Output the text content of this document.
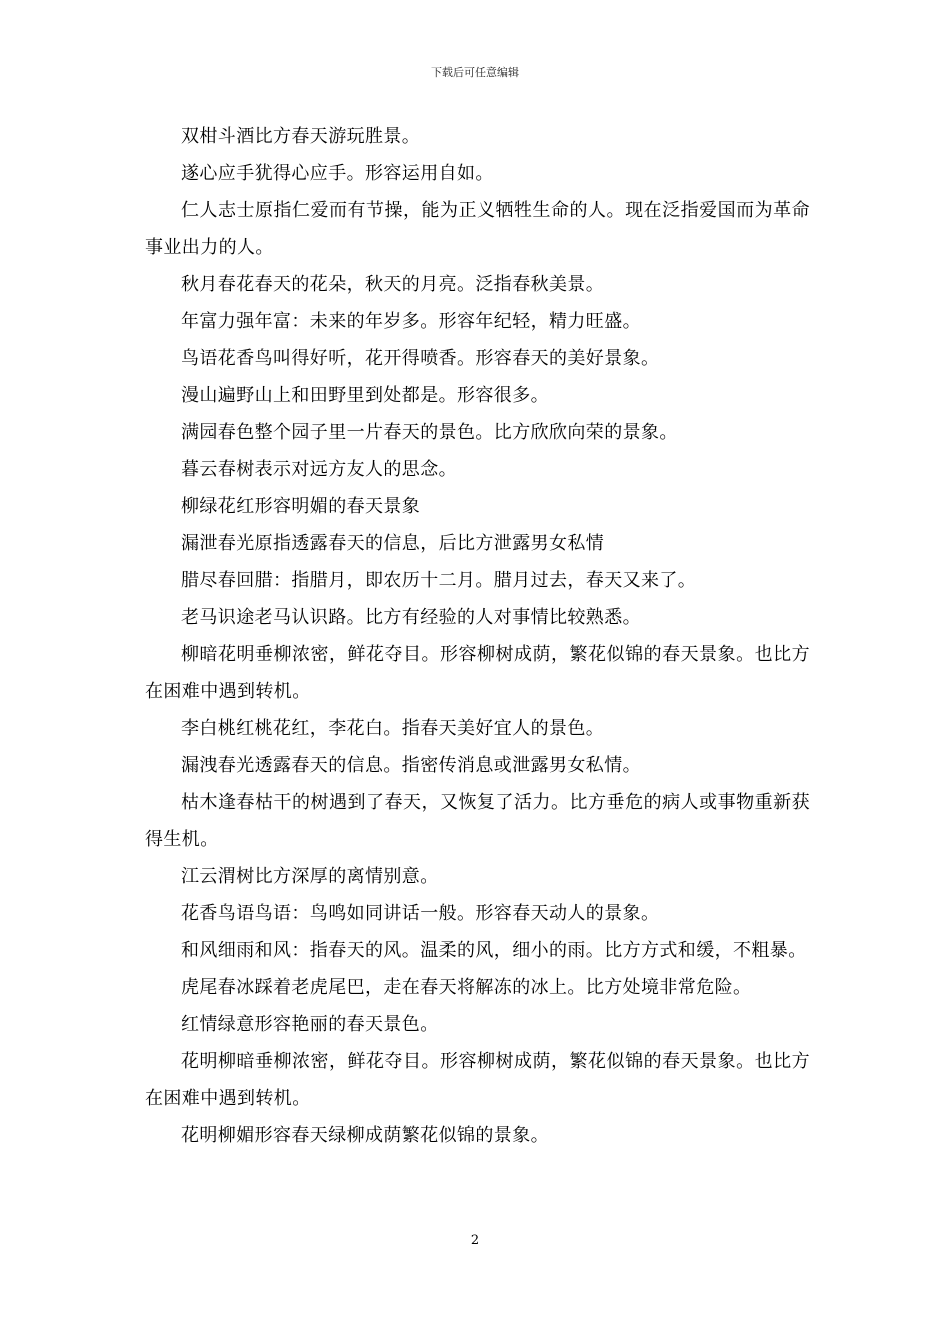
下载后可任意编辑

双柑斗酒比方春天游玩胜景。

遂心应手犹得心应手。形容运用自如。

仁人志士原指仁爱而有节操，能为正义牺牲生命的人。现在泛指爱国而为革命事业出力的人。

秋月春花春天的花朵，秋天的月亮。泛指春秋美景。

年富力强年富：未来的年岁多。形容年纪轻，精力旺盛。

鸟语花香鸟叫得好听，花开得喷香。形容春天的美好景象。

漫山遍野山上和田野里到处都是。形容很多。

满园春色整个园子里一片春天的景色。比方欣欣向荣的景象。

暮云春树表示对远方友人的思念。

柳绿花红形容明媚的春天景象

漏泄春光原指透露春天的信息，后比方泄露男女私情

腊尽春回腊：指腊月，即农历十二月。腊月过去，春天又来了。

老马识途老马认识路。比方有经验的人对事情比较熟悉。

柳暗花明垂柳浓密，鲜花夺目。形容柳树成荫，繁花似锦的春天景象。也比方在困难中遇到转机。

李白桃红桃花红，李花白。指春天美好宜人的景色。

漏洩春光透露春天的信息。指密传消息或泄露男女私情。

枯木逢春枯干的树遇到了春天，又恢复了活力。比方垂危的病人或事物重新获得生机。

江云渭树比方深厚的离情别意。

花香鸟语鸟语：鸟鸣如同讲话一般。形容春天动人的景象。

和风细雨和风：指春天的风。温柔的风，细小的雨。比方方式和缓，不粗暴。

虎尾春冰踩着老虎尾巴，走在春天将解冻的冰上。比方处境非常危险。

红情绿意形容艳丽的春天景色。

花明柳暗垂柳浓密，鲜花夺目。形容柳树成荫，繁花似锦的春天景象。也比方在困难中遇到转机。

花明柳媚形容春天绿柳成荫繁花似锦的景象。

2
